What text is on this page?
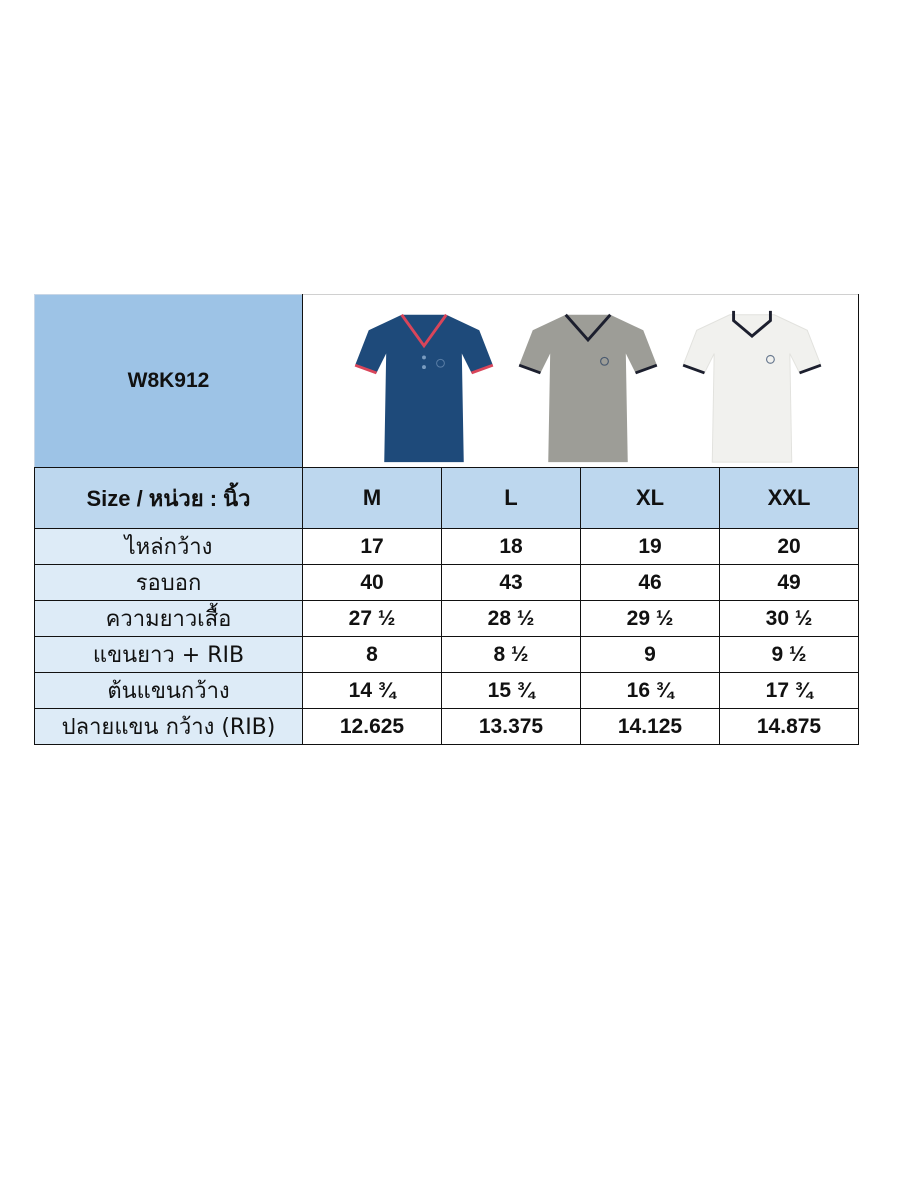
W8K912	

Size / หน่วย : นิ้ว	M	L	XL	XXL
ไหล่กว้าง	17	18	19	20
รอบอก	40	43	46	49
ความยาวเสื้อ	27 ½	28 ½	29 ½	30 ½
แขนยาว + RIB	8	8 ½	9	9 ½
ต้นแขนกว้าง	14 ¾	15 ¾	16 ¾	17 ¾
ปลายแขน กว้าง (RIB)	12.625	13.375	14.125	14.875
